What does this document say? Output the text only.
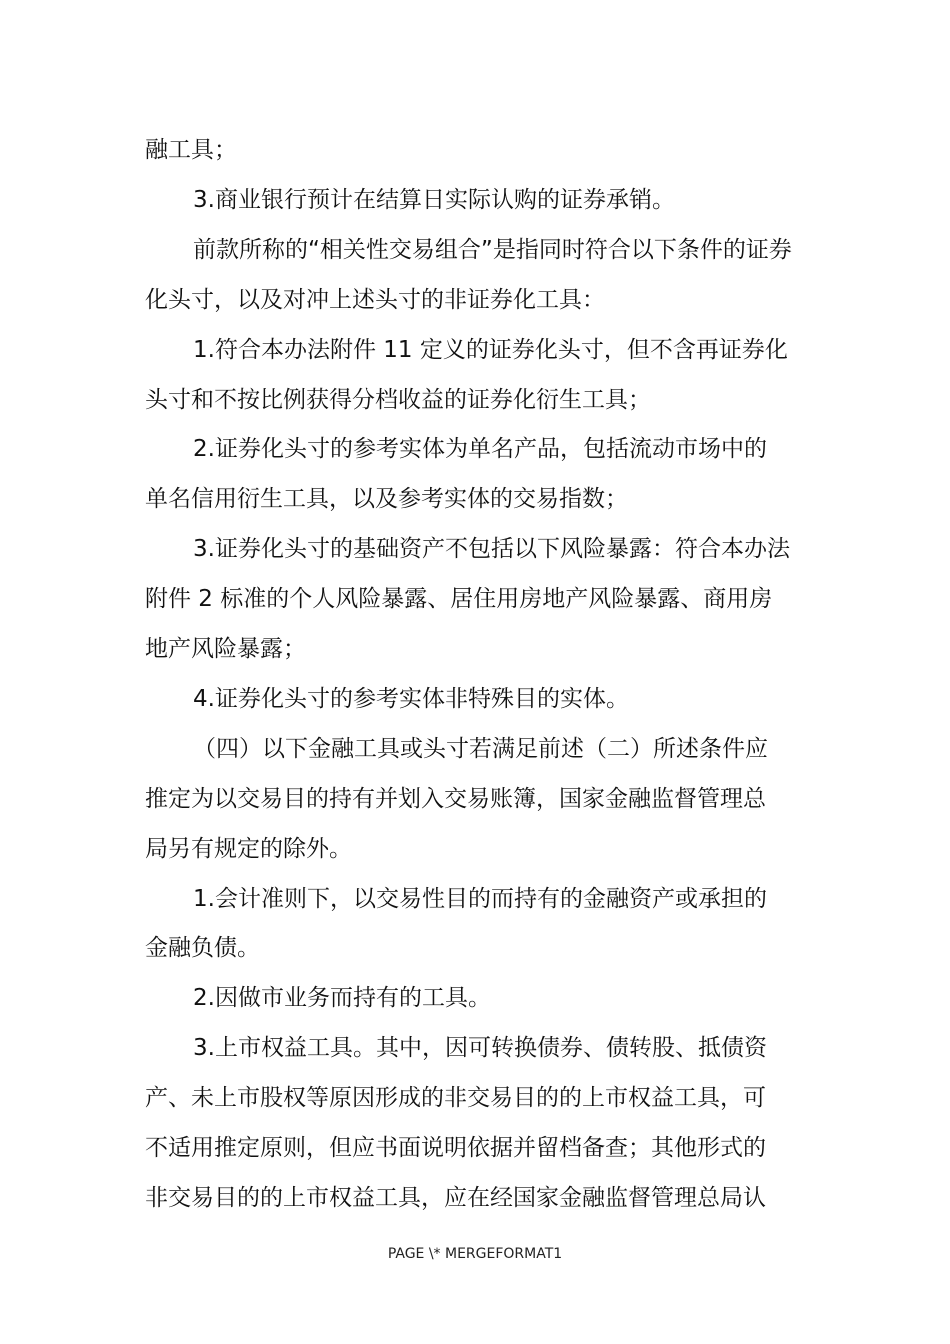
融工具；
3.商业银行预计在结算日实际认购的证券承销。
前款所称的“相关性交易组合”是指同时符合以下条件的证券
化头寸，以及对冲上述头寸的非证券化工具：
1.符合本办法附件 11 定义的证券化头寸，但不含再证券化
头寸和不按比例获得分档收益的证券化衍生工具；
2.证券化头寸的参考实体为单名产品，包括流动市场中的
单名信用衍生工具，以及参考实体的交易指数；
3.证券化头寸的基础资产不包括以下风险暴露：符合本办法
附件 2 标准的个人风险暴露、居住用房地产风险暴露、商用房
地产风险暴露；
4.证券化头寸的参考实体非特殊目的实体。
（四）以下金融工具或头寸若满足前述（二）所述条件应
推定为以交易目的持有并划入交易账簿，国家金融监督管理总
局另有规定的除外。
1.会计准则下，以交易性目的而持有的金融资产或承担的
金融负债。
2.因做市业务而持有的工具。
3.上市权益工具。其中，因可转换债券、债转股、抵债资
产、未上市股权等原因形成的非交易目的的上市权益工具，可
不适用推定原则，但应书面说明依据并留档备查；其他形式的
非交易目的的上市权益工具，应在经国家金融监督管理总局认
PAGE \* MERGEFORMAT1
